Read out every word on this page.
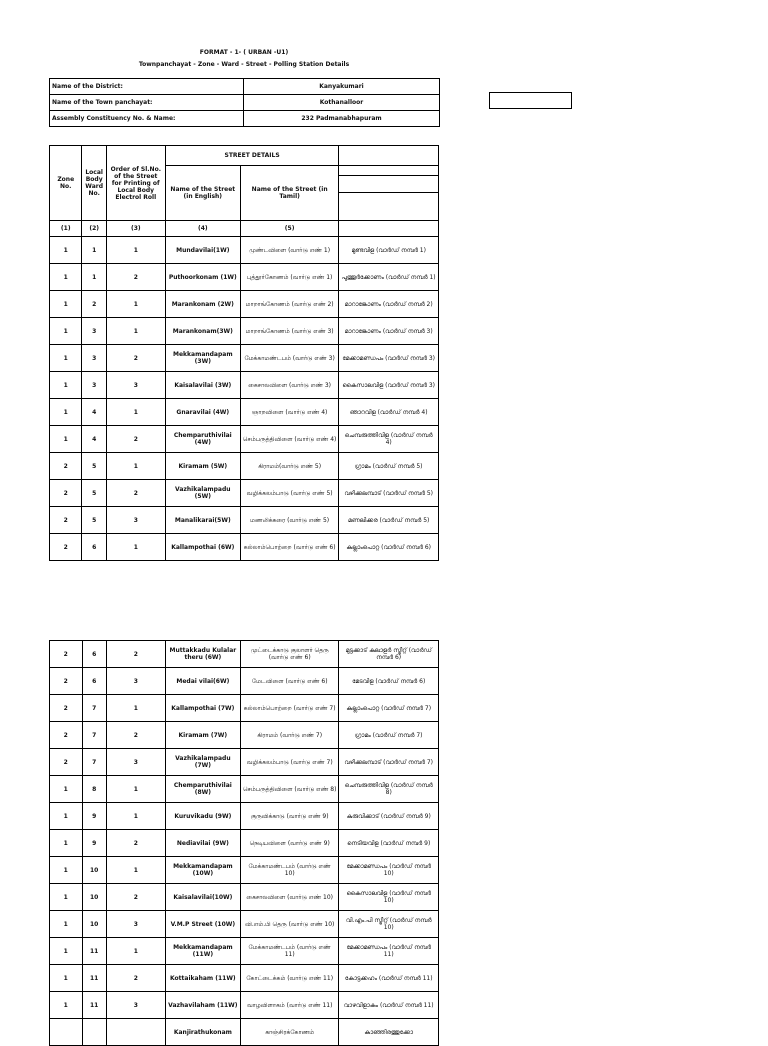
FORMAT - 1- ( URBAN -U1)
Townpanchayat - Zone - Ward - Street - Polling Station Details
Name of the District:	Kanyakumari
Name of the Town panchayat:	Kothanalloor
Assembly Constituency No. & Name:	232 Padmanabhapuram
Zone No.	Local Body Ward No.	Order of Sl.No. of the Street for Printing of Local Body Electrol Roll	STREET DETAILS		
			Name of the Street (in English)	Name of the Street (in Tamil)	

(1)	(2)	(3)	(4)	(5)	
1	1	1	Mundavilai(1W)	முண்டவிளை (வார்டு எண் 1)	മുണ്ടവിള (വാർഡ് നമ്പർ 1)
1	1	2	Puthoorkonam (1W)	புத்தூர்கோணம் (வார்டு எண் 1)	പുത്തൂർക്കോണം (വാർഡ് നമ്പർ 1)
1	2	1	Marankonam (2W)	மாறாங்கோணம் (வார்டு எண் 2)	മാറാങ്കോണം (വാർഡ് നമ്പർ 2)
1	3	1	Marankonam(3W)	மாறாங்கோணம் (வார்டு எண் 3)	മാറാങ്കോണം (വാർഡ് നമ്പർ 3)
1	3	2	Mekkamandapam (3W)	மேக்காமண்டபம் (வார்டு எண் 3)	മേക്കാമണ്ഡപം (വാർഡ് നമ്പർ 3)
1	3	3	Kaisalavilai (3W)	கைசாலவிளை (வார்டு எண் 3)	കൈസാലവിള (വാർഡ് നമ്പർ 3)
1	4	1	Gnaravilai (4W)	ஞாறவிளை (வார்டு எண் 4)	ഞാറവിള (വാർഡ് നമ്പർ 4)
1	4	2	Chemparuthivilai (4W)	செம்பருத்திவிளை (வார்டு எண் 4)	ചെമ്പരുത്തിവിള (വാർഡ് നമ്പർ 4)
2	5	1	Kiramam (5W)	கிராமம்(வார்டு எண் 5)	ഗ്രാമം (വാർഡ് നമ്പർ 5)
2	5	2	Vazhikalampadu (5W)	வழிக்கலம்பாடு (வார்டு எண் 5)	വഴിക്കലമ്പാട് (വാർഡ് നമ്പർ 5)
2	5	3	Manalikarai(5W)	மணலிக்கரை (வார்டு எண் 5)	മണലിക്കര (വാർഡ് നമ്പർ 5)
2	6	1	Kallampothai (6W)	கல்லாம்பொற்றை (வார்டு எண் 6)	കല്ലാംപൊറ്റ (വാർഡ് നമ്പർ 6)
2	6	2	Muttakkadu Kulalar theru (6W)	முட்டைக்காடு குலாளர் தெரு (வார்டு எண் 6)	മുട്ടക്കാട് കുലാളർ സ്ട്രീറ്റ് (വാർഡ് നമ്പർ 6)
2	6	3	Medai vilai(6W)	மேடவிளை (வார்டு எண் 6)	മേടവിള (വാർഡ് നമ്പർ 6)
2	7	1	Kallampothai (7W)	கல்லாம்பொற்றை (வார்டு எண் 7)	കല്ലാംപൊറ്റ (വാർഡ് നമ്പർ 7)
2	7	2	Kiramam (7W)	கிராமம் (வார்டு எண் 7)	ഗ്രാമം (വാർഡ് നമ്പർ 7)
2	7	3	Vazhikalampadu (7W)	வழிக்கலம்பாடு (வார்டு எண் 7)	വഴിക്കലമ്പാട് (വാർഡ് നമ്പർ 7)
1	8	1	Chemparuthivilai (8W)	செம்பருத்திவிளை (வார்டு எண் 8)	ചെമ്പരുത്തിവിള (വാർഡ് നമ്പർ 8)
1	9	1	Kuruvikadu (9W)	குருவிக்காடு (வார்டு எண் 9)	കുരുവിക്കാട് (വാർഡ് നമ്പർ 9)
1	9	2	Nediavilai (9W)	நெடியவிளை (வார்டு எண் 9)	നെടിയവിള (വാർഡ് നമ്പർ 9)
1	10	1	Mekkamandapam (10W)	மேக்காமண்டபம் (வார்டு எண் 10)	മേക്കാമണ്ഡപം (വാർഡ് നമ്പർ 10)
1	10	2	Kaisalavilai(10W)	கைசாலவிளை (வார்டு எண் 10)	കൈസാലവിള (വാർഡ് നമ്പർ 10)
1	10	3	V.M.P Street (10W)	வி.எம்.பி தெரு (வார்டு எண் 10)	വി.എം.പി സ്ട്രീറ്റ് (വാർഡ് നമ്പർ 10)
1	11	1	Mekkamandapam (11W)	மேக்காமண்டபம் (வார்டு எண் 11)	മേക്കാമണ്ഡപം (വാർഡ് നമ്പർ 11)
1	11	2	Kottaikaham (11W)	கோட்டைக்கம் (வார்டு எண் 11)	കോട്ടക്കഹം (വാർഡ് നമ്പർ 11)
1	11	3	Vazhavilaham (11W)	வாழவிளாகம் (வார்டு எண் 11)	വാഴവിളാകം (വാർഡ് നമ്പർ 11)
			Kanjirathukonam	காஞ்சிரக்கோணம்	കാഞ്ഞിരത്തുക്കോ
